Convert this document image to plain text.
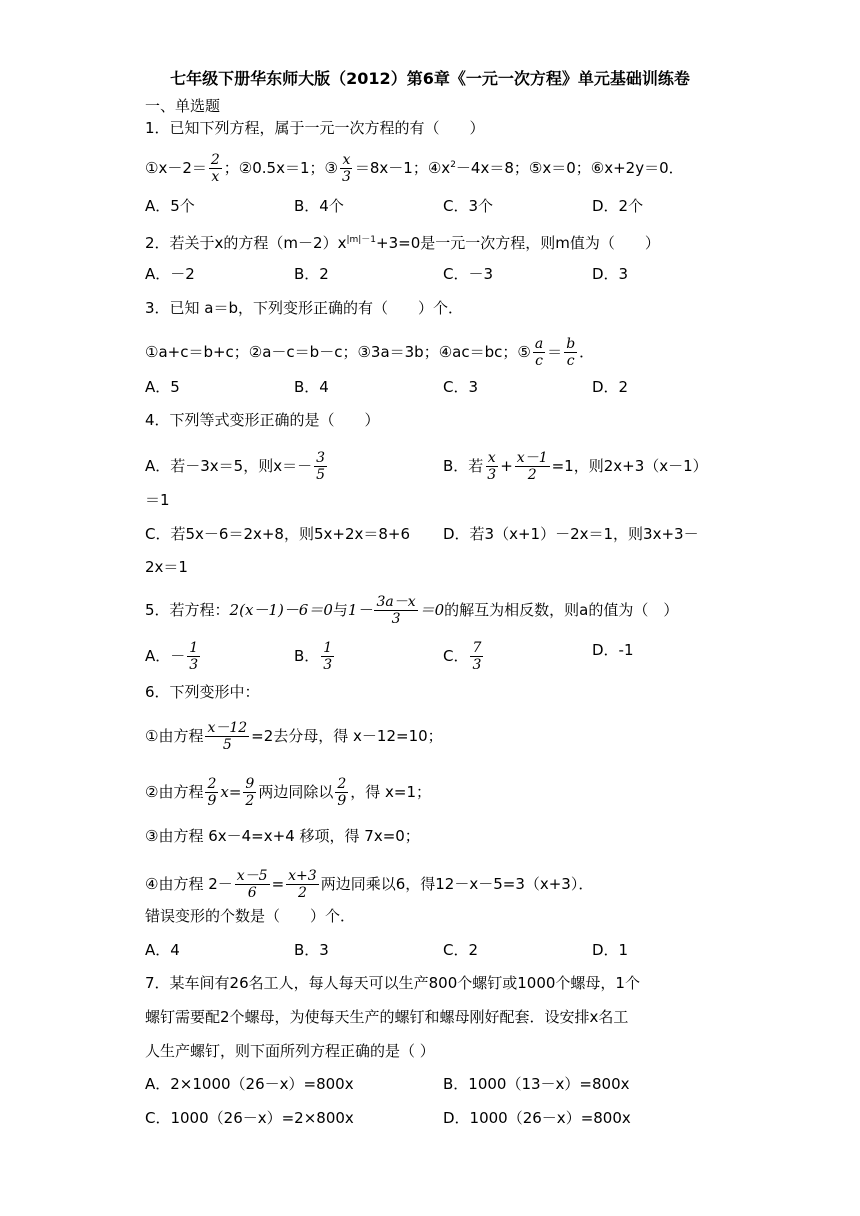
七年级下册华东师大版（2012）第6章《一元一次方程》单元基础训练卷
一、单选题
1．已知下列方程，属于一元一次方程的有（　　）
①x－2＝ $\frac{2}{x}$ ；②0.5x＝1；③ $\frac{x}{3} =8x-1$；$④x^2-4x=8$；⑤x＝0；⑥x+2y＝0．
A．5个	B．4个	C．3个	D．2个
2．若关于x的方程$(m-2)x^{|m|-1}+3=0$是一元一次方程，则m值为（　　）
A．－2	B．2	C．－3	D．3
3．已知 a＝b，下列变形正确的有（　　）个．
①a+c＝b+c；②a－c＝b－c；③3a＝3b；④ac＝bc；⑤ $\frac{a}{c} = \frac{b}{c}$ ．
A．5	B．4	C．3	D．2
4．下列等式变形正确的是（　　）
A．若－3x＝5，则$x=- \frac{3}{5}$	B．若 $\frac{x}{3} + \frac{x-1}{2} =1$，则2x+3（x－1）
＝1
C．若5x－6＝2x+8，则5x+2x＝8+6 D．若3（x+1）－2x＝1，则3x+3－
2x＝1
5．若方程：2(x－1)－6＝0与$1- \frac{3a-x}{3} =0$的解互为相反数，则a的值为（　）
A．－ $\frac{1}{3}$	B． $\frac{1}{3}$	C． $\frac{7}{3}$	D．-1
6．下列变形中：
①由方程 $\frac{x-12}{5} =2$去分母，得 x－12=10；
②由方程 $\frac{2}{9} x= \frac{9}{2}$ 两边同除以 $\frac{2}{9}$ ，得 x=1；
③由方程 6x－4=x+4 移项，得 7x=0；
④由方程 $2- \frac{x-5}{6} = \frac{x+3}{2}$ 两边同乘以6，得12－x－5=3（x+3）．
错误变形的个数是（　　）个．
A．4	B．3	C．2	D．1
7．某车间有26名工人，每人每天可以生产800个螺钉或1000个螺母，1个
螺钉需要配2个螺母，为使每天生产的螺钉和螺母刚好配套．设安排x名工
人生产螺钉，则下面所列方程正确的是（ ）
A．2×1000（26－x）=800x	B．1000（13－x）=800x
C．1000（26－x）=2×800x	D．1000（26－x）=800x
